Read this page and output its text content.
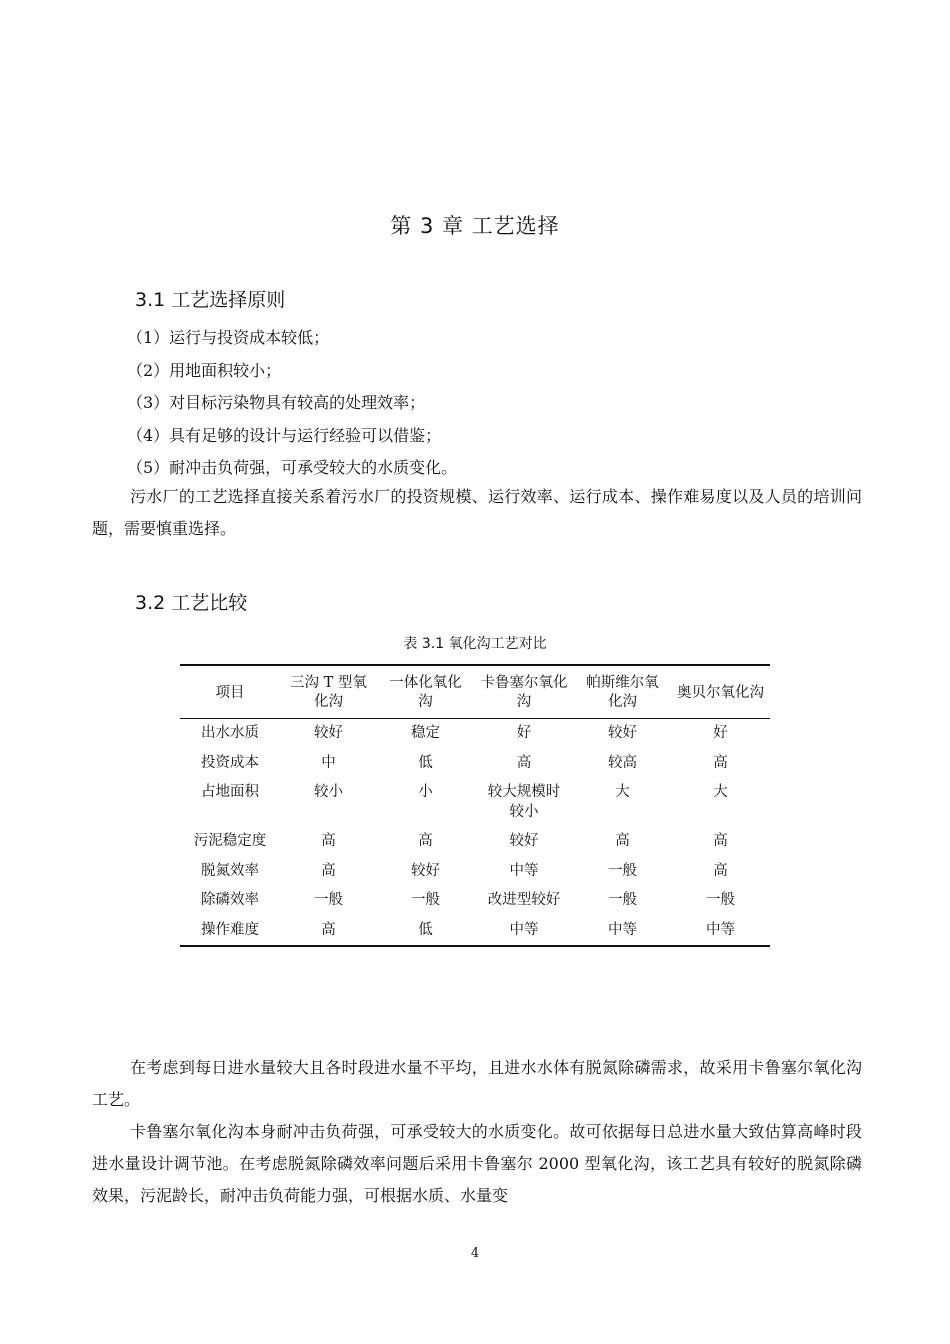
第 3 章 工艺选择
3.1 工艺选择原则
（1）运行与投资成本较低；
（2）用地面积较小；
（3）对目标污染物具有较高的处理效率；
（4）具有足够的设计与运行经验可以借鉴；
（5）耐冲击负荷强，可承受较大的水质变化。

污水厂的工艺选择直接关系着污水厂的投资规模、运行效率、运行成本、操作难易度以及人员的培训问题，需要慎重选择。

3.2 工艺比较
表 3.1 氧化沟工艺对比
项目	三沟 T 型氧化沟	一体化氧化沟	卡鲁塞尔氧化沟	帕斯维尔氧化沟	奥贝尔氧化沟
出水水质	较好	稳定	好	较好	好
投资成本	中	低	高	较高	高
占地面积	较小	小	较大规模时较小	大	大
污泥稳定度	高	高	较好	高	高
脱氮效率	高	较好	中等	一般	高
除磷效率	一般	一般	改进型较好	一般	一般
操作难度	高	低	中等	中等	中等

在考虑到每日进水量较大且各时段进水量不平均，且进水水体有脱氮除磷需求，故采用卡鲁塞尔氧化沟工艺。

卡鲁塞尔氧化沟本身耐冲击负荷强，可承受较大的水质变化。故可依据每日总进水量大致估算高峰时段进水量设计调节池。在考虑脱氮除磷效率问题后采用卡鲁塞尔 2000 型氧化沟，该工艺具有较好的脱氮除磷效果，污泥龄长，耐冲击负荷能力强，可根据水质、水量变

4
